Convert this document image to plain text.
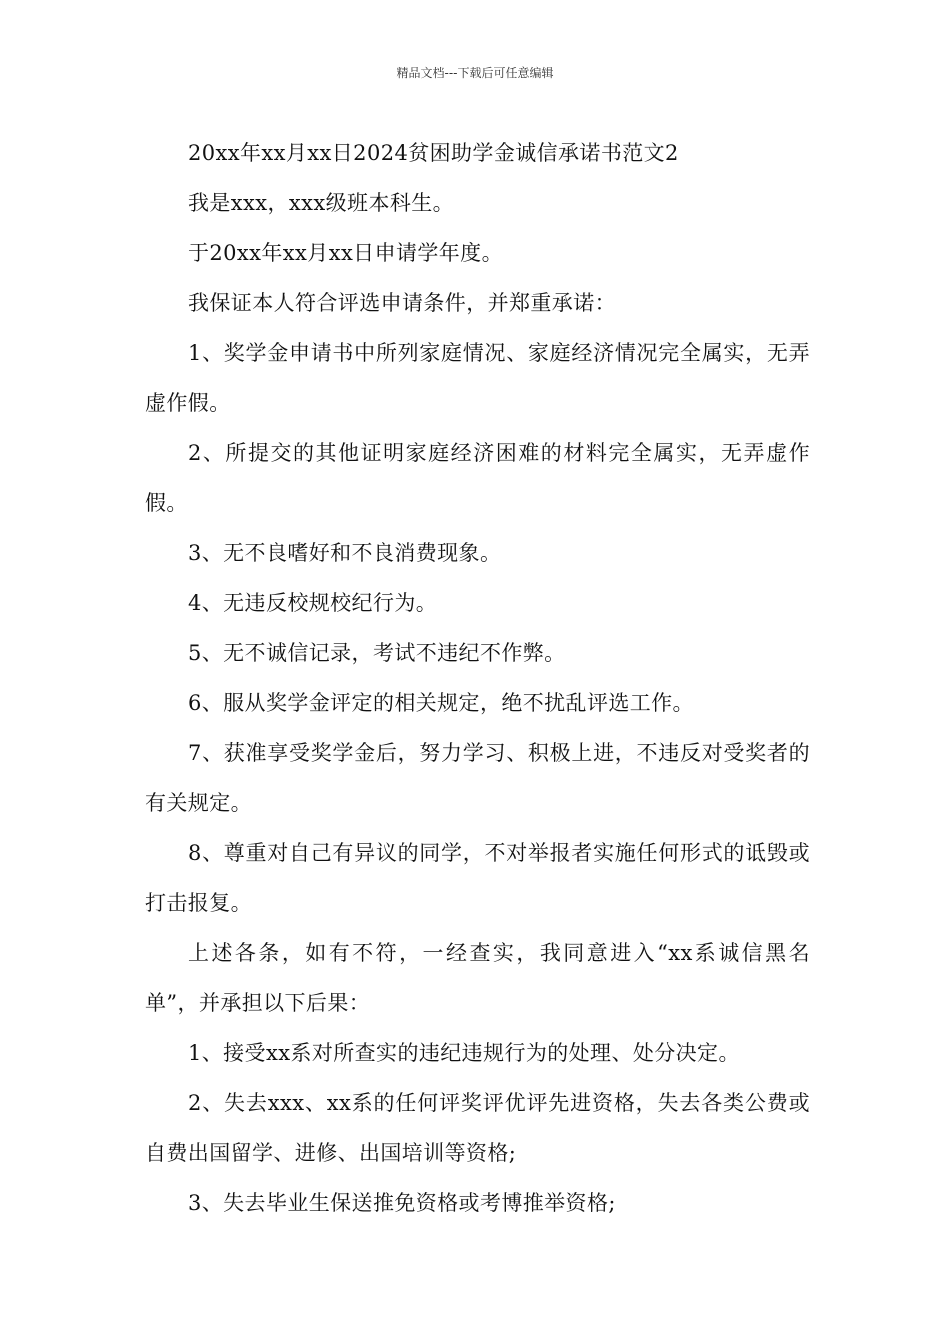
精品文档---下载后可任意编辑

20xx年xx月xx日2024贫困助学金诚信承诺书范文2

我是xxx，xxx级班本科生。

于20xx年xx月xx日申请学年度。

我保证本人符合评选申请条件，并郑重承诺：

1、奖学金申请书中所列家庭情况、家庭经济情况完全属实，无弄虚作假。

2、所提交的其他证明家庭经济困难的材料完全属实，无弄虚作假。

3、无不良嗜好和不良消费现象。

4、无违反校规校纪行为。

5、无不诚信记录，考试不违纪不作弊。

6、服从奖学金评定的相关规定，绝不扰乱评选工作。

7、获准享受奖学金后，努力学习、积极上进，不违反对受奖者的有关规定。

8、尊重对自己有异议的同学，不对举报者实施任何形式的诋毁或打击报复。

上述各条，如有不符，一经查实，我同意进入“xx系诚信黑名单”，并承担以下后果：

1、接受xx系对所查实的违纪违规行为的处理、处分决定。

2、失去xxx、xx系的任何评奖评优评先进资格，失去各类公费或自费出国留学、进修、出国培训等资格;

3、失去毕业生保送推免资格或考博推举资格;
